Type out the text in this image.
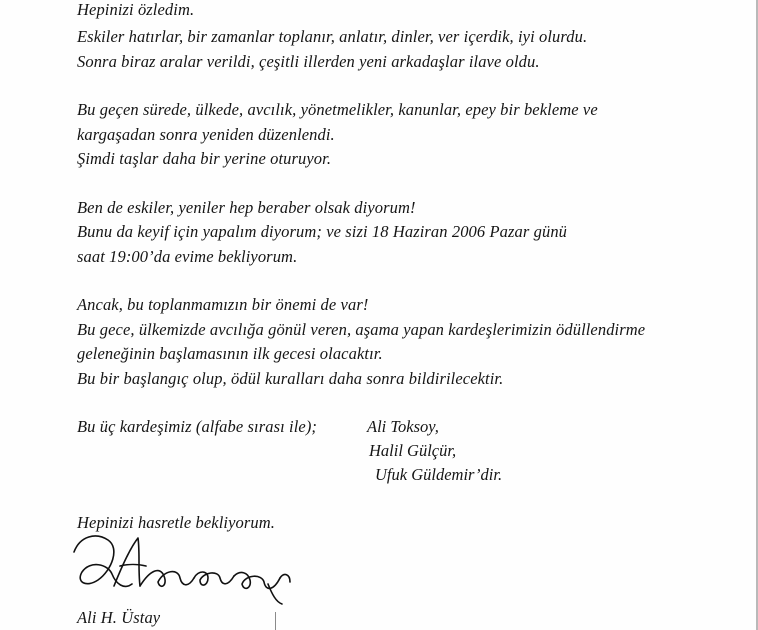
Hepinizi özledim.
Eskiler hatırlar, bir zamanlar toplanır, anlatır, dinler, ver içerdik, iyi olurdu.
Sonra biraz aralar verildi, çeşitli illerden yeni arkadaşlar ilave oldu.
Bu geçen sürede, ülkede, avcılık, yönetmelikler, kanunlar, epey bir bekleme ve
kargaşadan sonra yeniden düzenlendi.
Şimdi taşlar daha bir yerine oturuyor.
Ben de eskiler, yeniler hep beraber olsak diyorum!
Bunu da keyif için yapalım diyorum; ve sizi 18 Haziran 2006 Pazar günü
saat 19:00’da evime bekliyorum.
Ancak, bu toplanmamızın bir önemi de var!
Bu gece, ülkemizde avcılığa gönül veren, aşama yapan kardeşlerimizin ödüllendirme
geleneğinin başlamasının ilk gecesi olacaktır.
Bu bir başlangıç olup, ödül kuralları daha sonra bildirilecektir.
Bu üç kardeşimiz (alfabe sırası ile);	Ali Toksoy,
Halil Gülçür,
Ufuk Güldemir’dir.
Hepinizi hasretle bekliyorum.
Ali H. Üstay
